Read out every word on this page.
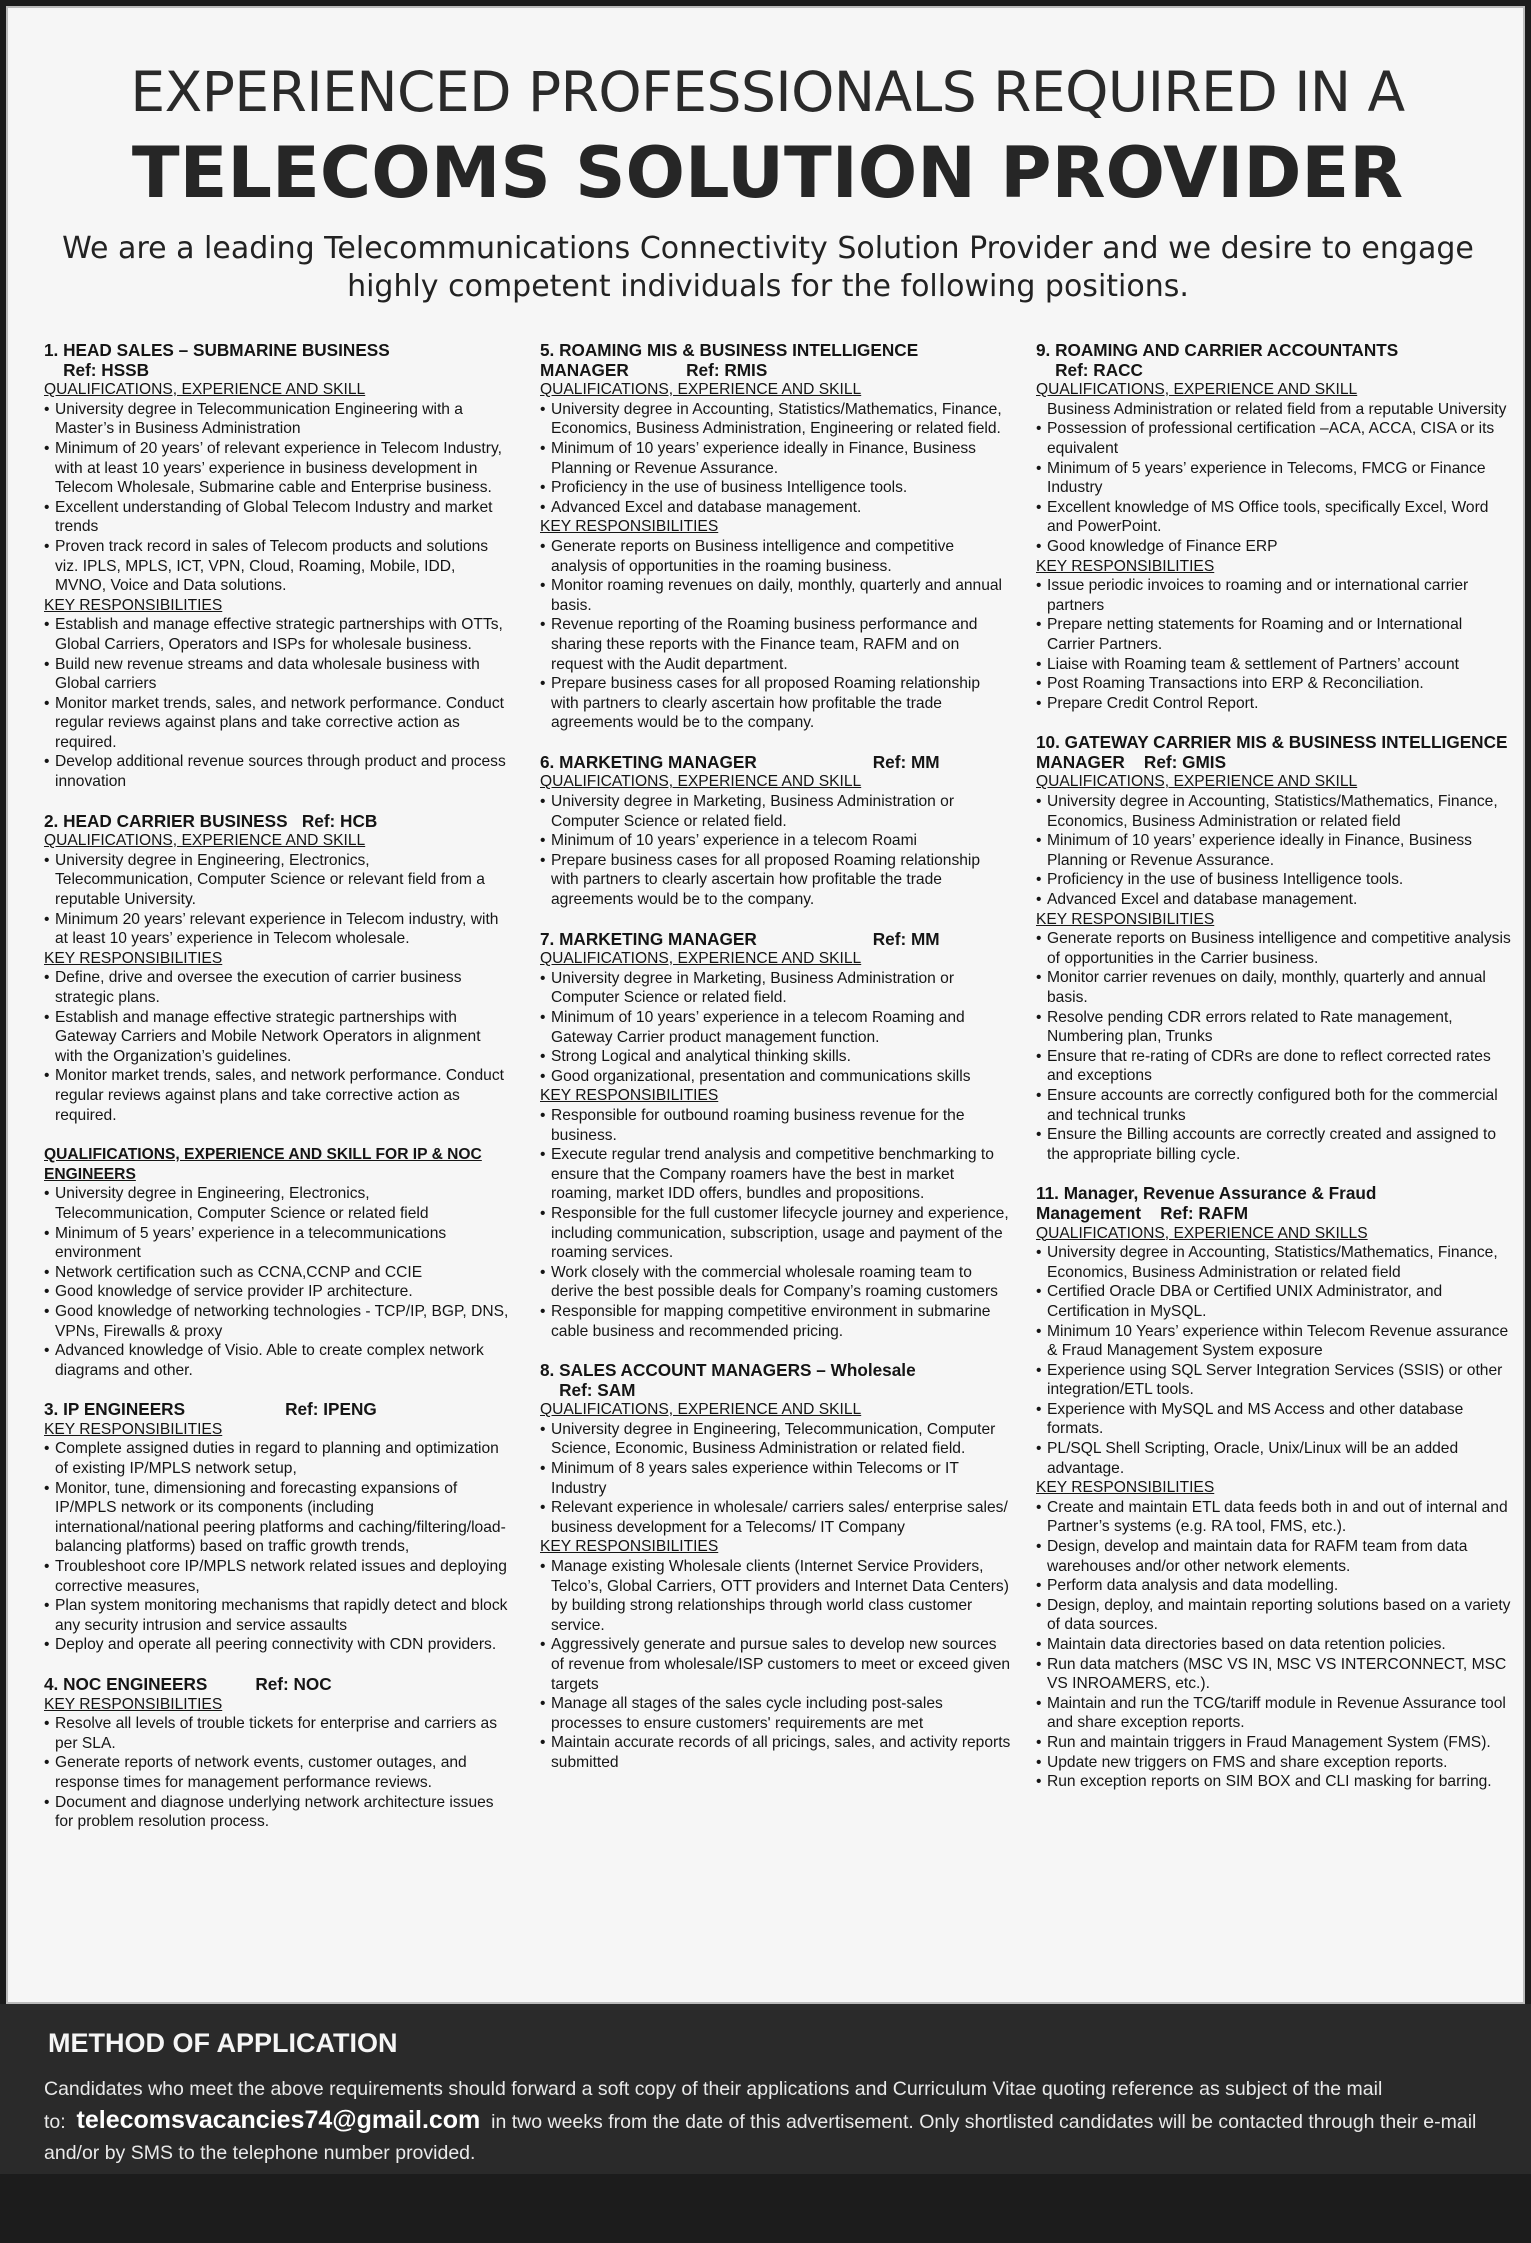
EXPERIENCED PROFESSIONALS REQUIRED IN A
TELECOMS SOLUTION PROVIDER
We are a leading Telecommunications Connectivity Solution Provider and we desire to engage highly competent individuals for the following positions.
1. HEAD SALES – SUBMARINE BUSINESS
Ref: HSSB
QUALIFICATIONS, EXPERIENCE AND SKILL
• University degree in Telecommunication Engineering with a Master’s in Business Administration
• Minimum of 20 years’ of relevant experience in Telecom Industry, with at least 10 years’ experience in business development in Telecom Wholesale, Submarine cable and Enterprise business.
• Excellent understanding of Global Telecom Industry and market trends
• Proven track record in sales of Telecom products and solutions viz. IPLS, MPLS, ICT, VPN, Cloud, Roaming, Mobile, IDD, MVNO, Voice and Data solutions.
KEY RESPONSIBILITIES
• Establish and manage effective strategic partnerships with OTTs, Global Carriers, Operators and ISPs for wholesale business.
• Build new revenue streams and data wholesale business with Global carriers
• Monitor market trends, sales, and network performance. Conduct regular reviews against plans and take corrective action as required.
• Develop additional revenue sources through product and process innovation
2. HEAD CARRIER BUSINESS Ref: HCB
QUALIFICATIONS, EXPERIENCE AND SKILL
• University degree in Engineering, Electronics, Telecommunication, Computer Science or relevant field from a reputable University.
• Minimum 20 years’ relevant experience in Telecom industry, with at least 10 years’ experience in Telecom wholesale.
KEY RESPONSIBILITIES
• Define, drive and oversee the execution of carrier business strategic plans.
• Establish and manage effective strategic partnerships with Gateway Carriers and Mobile Network Operators in alignment with the Organization’s guidelines.
• Monitor market trends, sales, and network performance. Conduct regular reviews against plans and take corrective action as required.
QUALIFICATIONS, EXPERIENCE AND SKILL FOR IP & NOC ENGINEERS
• University degree in Engineering, Electronics, Telecommunication, Computer Science or related field
• Minimum of 5 years’ experience in a telecommunications environment
• Network certification such as CCNA,CCNP and CCIE
• Good knowledge of service provider IP architecture.
• Good knowledge of networking technologies - TCP/IP, BGP, DNS, VPNs, Firewalls & proxy
• Advanced knowledge of Visio. Able to create complex network diagrams and other.
3. IP ENGINEERS	Ref: IPENG
KEY RESPONSIBILITIES
• Complete assigned duties in regard to planning and optimization of existing IP/MPLS network setup,
• Monitor, tune, dimensioning and forecasting expansions of IP/MPLS network or its components (including international/national peering platforms and caching/filtering/load-balancing platforms) based on traffic growth trends,
• Troubleshoot core IP/MPLS network related issues and deploying corrective measures,
• Plan system monitoring mechanisms that rapidly detect and block any security intrusion and service assaults
• Deploy and operate all peering connectivity with CDN providers.
4. NOC ENGINEERS	Ref: NOC
KEY RESPONSIBILITIES
• Resolve all levels of trouble tickets for enterprise and carriers as per SLA.
• Generate reports of network events, customer outages, and response times for management performance reviews.
• Document and diagnose underlying network architecture issues for problem resolution process.
5. ROAMING MIS & BUSINESS INTELLIGENCE MANAGER	Ref: RMIS
QUALIFICATIONS, EXPERIENCE AND SKILL
• University degree in Accounting, Statistics/Mathematics, Finance, Economics, Business Administration, Engineering or related field.
• Minimum of 10 years’ experience ideally in Finance, Business Planning or Revenue Assurance.
• Proficiency in the use of business Intelligence tools.
• Advanced Excel and database management.
KEY RESPONSIBILITIES
• Generate reports on Business intelligence and competitive analysis of opportunities in the roaming business.
• Monitor roaming revenues on daily, monthly, quarterly and annual basis.
• Revenue reporting of the Roaming business performance and sharing these reports with the Finance team, RAFM and on request with the Audit department.
• Prepare business cases for all proposed Roaming relationship with partners to clearly ascertain how profitable the trade agreements would be to the company.
6. MARKETING MANAGER	Ref: MM
QUALIFICATIONS, EXPERIENCE AND SKILL
• University degree in Marketing, Business Administration or Computer Science or related field.
• Minimum of 10 years’ experience in a telecom Roami
• Prepare business cases for all proposed Roaming relationship with partners to clearly ascertain how profitable the trade agreements would be to the company.
7. MARKETING MANAGER	Ref: MM
QUALIFICATIONS, EXPERIENCE AND SKILL
• University degree in Marketing, Business Administration or Computer Science or related field.
• Minimum of 10 years’ experience in a telecom Roaming and Gateway Carrier product management function.
• Strong Logical and analytical thinking skills.
• Good organizational, presentation and communications skills
KEY RESPONSIBILITIES
• Responsible for outbound roaming business revenue for the business.
• Execute regular trend analysis and competitive benchmarking to ensure that the Company roamers have the best in market roaming, market IDD offers, bundles and propositions.
• Responsible for the full customer lifecycle journey and experience, including communication, subscription, usage and payment of the roaming services.
• Work closely with the commercial wholesale roaming team to derive the best possible deals for Company’s roaming customers
• Responsible for mapping competitive environment in submarine cable business and recommended pricing.
8. SALES ACCOUNT MANAGERS – Wholesale
Ref: SAM
QUALIFICATIONS, EXPERIENCE AND SKILL
• University degree in Engineering, Telecommunication, Computer Science, Economic, Business Administration or related field.
• Minimum of 8 years sales experience within Telecoms or IT Industry
• Relevant experience in wholesale/ carriers sales/ enterprise sales/ business development for a Telecoms/ IT Company
KEY RESPONSIBILITIES
• Manage existing Wholesale clients (Internet Service Providers, Telco’s, Global Carriers, OTT providers and Internet Data Centers) by building strong relationships through world class customer service.
• Aggressively generate and pursue sales to develop new sources of revenue from wholesale/ISP customers to meet or exceed given targets
• Manage all stages of the sales cycle including post-sales processes to ensure customers' requirements are met
• Maintain accurate records of all pricings, sales, and activity reports submitted
9. ROAMING AND CARRIER ACCOUNTANTS
Ref: RACC
QUALIFICATIONS, EXPERIENCE AND SKILL
Business Administration or related field from a reputable University
• Possession of professional certification –ACA, ACCA, CISA or its equivalent
• Minimum of 5 years’ experience in Telecoms, FMCG or Finance Industry
• Excellent knowledge of MS Office tools, specifically Excel, Word and PowerPoint.
• Good knowledge of Finance ERP
KEY RESPONSIBILITIES
• Issue periodic invoices to roaming and or international carrier partners
• Prepare netting statements for Roaming and or International Carrier Partners.
• Liaise with Roaming team & settlement of Partners’ account
• Post Roaming Transactions into ERP & Reconciliation.
• Prepare Credit Control Report.
10. GATEWAY CARRIER MIS & BUSINESS INTELLIGENCE MANAGER Ref: GMIS
QUALIFICATIONS, EXPERIENCE AND SKILL
• University degree in Accounting, Statistics/Mathematics, Finance, Economics, Business Administration or related field
• Minimum of 10 years’ experience ideally in Finance, Business Planning or Revenue Assurance.
• Proficiency in the use of business Intelligence tools.
• Advanced Excel and database management.
KEY RESPONSIBILITIES
• Generate reports on Business intelligence and competitive analysis of opportunities in the Carrier business.
• Monitor carrier revenues on daily, monthly, quarterly and annual basis.
• Resolve pending CDR errors related to Rate management, Numbering plan, Trunks
• Ensure that re-rating of CDRs are done to reflect corrected rates and exceptions
• Ensure accounts are correctly configured both for the commercial and technical trunks
• Ensure the Billing accounts are correctly created and assigned to the appropriate billing cycle.
11. Manager, Revenue Assurance & Fraud Management Ref: RAFM
QUALIFICATIONS, EXPERIENCE AND SKILLS
• University degree in Accounting, Statistics/Mathematics, Finance, Economics, Business Administration or related field
• Certified Oracle DBA or Certified UNIX Administrator, and Certification in MySQL.
• Minimum 10 Years’ experience within Telecom Revenue assurance & Fraud Management System exposure
• Experience using SQL Server Integration Services (SSIS) or other integration/ETL tools.
• Experience with MySQL and MS Access and other database formats.
• PL/SQL Shell Scripting, Oracle, Unix/Linux will be an added advantage.
KEY RESPONSIBILITIES
• Create and maintain ETL data feeds both in and out of internal and Partner’s systems (e.g. RA tool, FMS, etc.).
• Design, develop and maintain data for RAFM team from data warehouses and/or other network elements.
• Perform data analysis and data modelling.
• Design, deploy, and maintain reporting solutions based on a variety of data sources.
• Maintain data directories based on data retention policies.
• Run data matchers (MSC VS IN, MSC VS INTERCONNECT, MSC VS INROAMERS, etc.).
• Maintain and run the TCG/tariff module in Revenue Assurance tool and share exception reports.
• Run and maintain triggers in Fraud Management System (FMS).
• Update new triggers on FMS and share exception reports.
• Run exception reports on SIM BOX and CLI masking for barring.
METHOD OF APPLICATION
Candidates who meet the above requirements should forward a soft copy of their applications and Curriculum Vitae quoting reference as subject of the mail to: telecomsvacancies74@gmail.com in two weeks from the date of this advertisement. Only shortlisted candidates will be contacted through their e-mail and/or by SMS to the telephone number provided.
